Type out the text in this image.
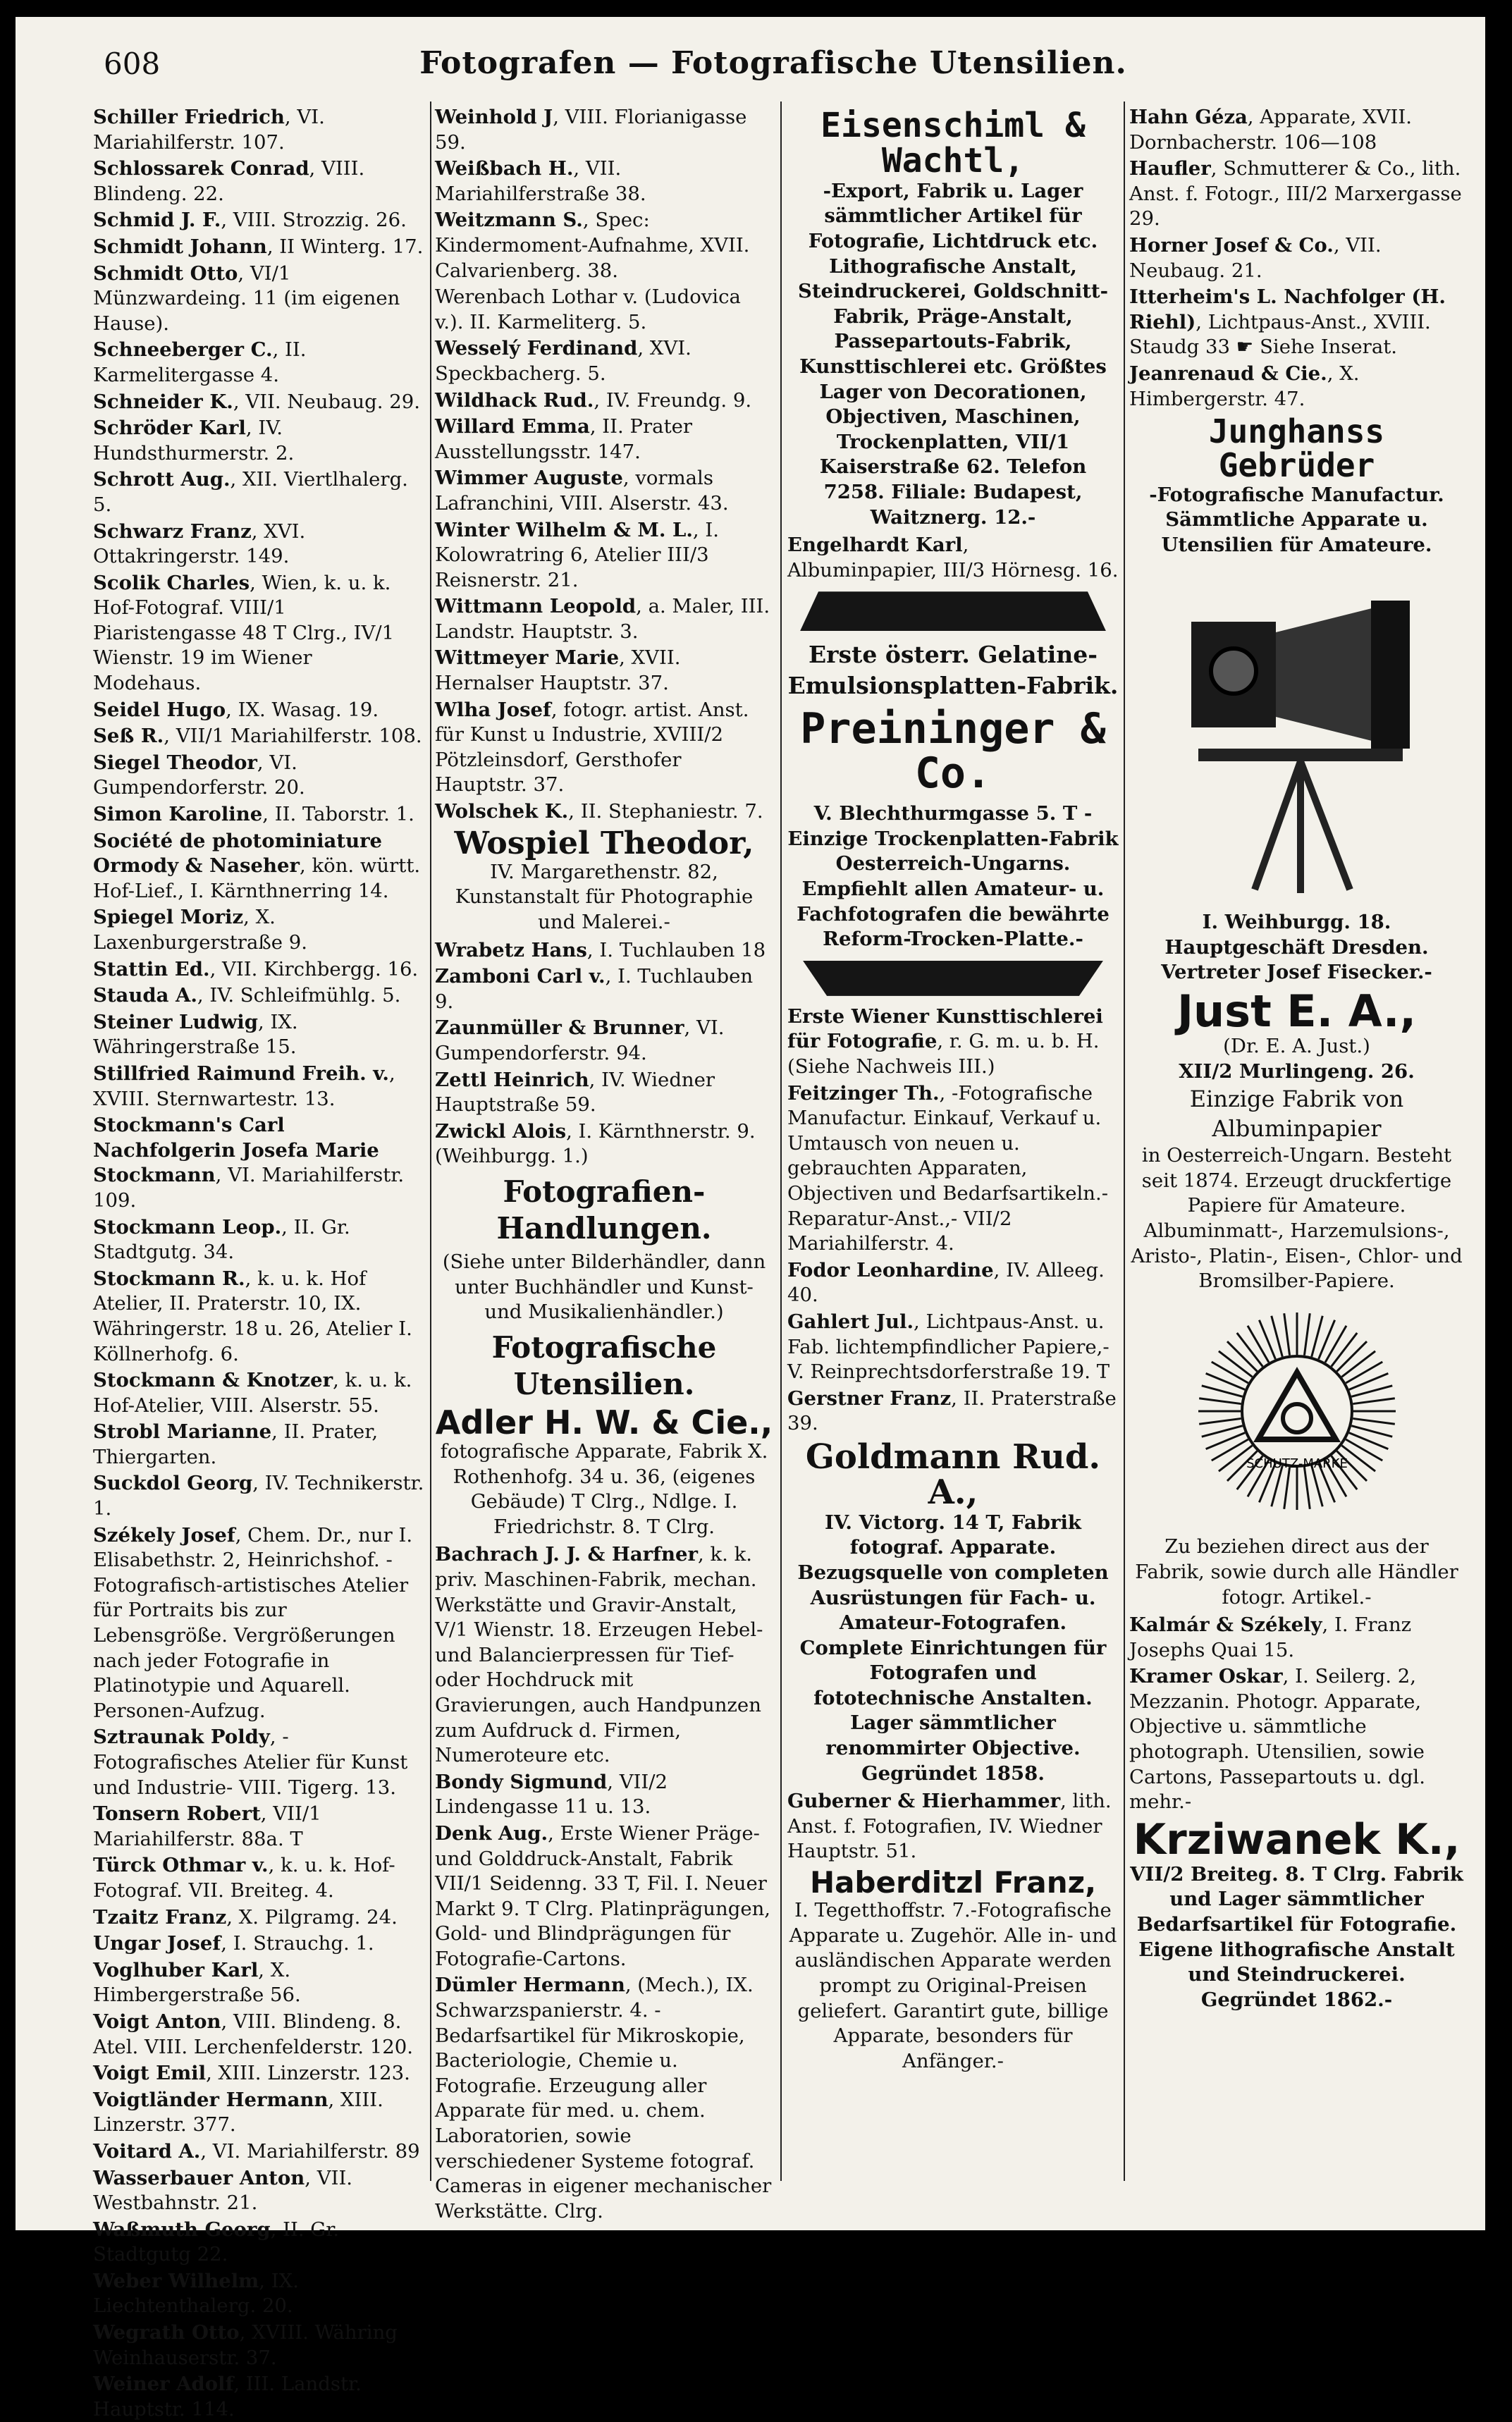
608	Fotografen — Fotografische Utensilien.
Schiller Friedrich, VI. Mariahilferstr. 107.
Schlossarek Conrad, VIII. Blindeng. 22.
Schmid J. F., VIII. Strozzig. 26.
Schmidt Johann, II Winterg. 17.
Schmidt Otto, VI/1 Münzwardeing. 11 (im eigenen Hause).
Schneeberger C., II. Karmelitergasse 4.
Schneider K., VII. Neubaug. 29.
Schröder Karl, IV. Hundsthurmerstr. 2.
Schrott Aug., XII. Viertlhalerg. 5.
Schwarz Franz, XVI. Ottakringerstr. 149.
Scolik Charles, Wien, k. u. k. Hof-Fotograf. VIII/1 Piaristengasse 48 T Clrg., IV/1 Wienstr. 19 im Wiener Modehaus.
Seidel Hugo, IX. Wasag. 19.
Seß R., VII/1 Mariahilferstr. 108.
Siegel Theodor, VI. Gumpendorferstr. 20.
Simon Karoline, II. Taborstr. 1.
Société de photominiature Ormody & Naseher, kön. württ. Hof-Lief., I. Kärnthnerring 14.
Spiegel Moriz, X. Laxenburgerstraße 9.
Stattin Ed., VII. Kirchbergg. 16.
Stauda A., IV. Schleifmühlg. 5.
Steiner Ludwig, IX. Währingerstraße 15.
Stillfried Raimund Freih. v., XVIII. Sternwartestr. 13.
Stockmann's Carl Nachfolgerin Josefa Marie Stockmann, VI. Mariahilferstr. 109.
Stockmann Leop., II. Gr. Stadtgutg. 34.
Stockmann R., k. u. k. Hof Atelier, II. Praterstr. 10, IX. Währingerstr. 18 u. 26, Atelier I. Köllnerhofg. 6.
Stockmann & Knotzer, k. u. k. Hof-Atelier, VIII. Alserstr. 55.
Strobl Marianne, II. Prater, Thiergarten.
Suckdol Georg, IV. Technikerstr. 1.
Székely Josef, Chem. Dr., nur I. Elisabethstr. 2, Heinrichshof. -Fotografisch-artistisches Atelier für Portraits bis zur Lebensgröße. Vergrößerungen nach jeder Fotografie in Platinotypie und Aquarell. Personen-Aufzug.
Sztraunak Poldy, -Fotografisches Atelier für Kunst und Industrie- VIII. Tigerg. 13.
Tonsern Robert, VII/1 Mariahilferstr. 88a. T
Türck Othmar v., k. u. k. Hof-Fotograf. VII. Breiteg. 4.
Tzaitz Franz, X. Pilgramg. 24.
Ungar Josef, I. Strauchg. 1.
Voglhuber Karl, X. Himbergerstraße 56.
Voigt Anton, VIII. Blindeng. 8. Atel. VIII. Lerchenfelderstr. 120.
Voigt Emil, XIII. Linzerstr. 123.
Voigtländer Hermann, XIII. Linzerstr. 377.
Voitard A., VI. Mariahilferstr. 89
Wasserbauer Anton, VII. Westbahnstr. 21.
Waßmuth Georg, II. Gr. Stadtgutg 22.
Weber Wilhelm, IX. Liechtenthalerg. 20.
Wegrath Otto, XVIII. Währing Weinhauserstr. 37.
Weiner Adolf, III. Landstr. Hauptstr. 114.
Weinhold J, VIII. Florianigasse 59.
Weißbach H., VII. Mariahilferstraße 38.
Weitzmann S., Spec: Kindermoment-Aufnahme, XVII. Calvarienberg. 38.
Werenbach Lothar v. (Ludovica v.). II. Karmeliterg. 5.
Wesselý Ferdinand, XVI. Speckbacherg. 5.
Wildhack Rud., IV. Freundg. 9.
Willard Emma, II. Prater Ausstellungsstr. 147.
Wimmer Auguste, vormals Lafranchini, VIII. Alserstr. 43.
Winter Wilhelm & M. L., I. Kolowratring 6, Atelier III/3 Reisnerstr. 21.
Wittmann Leopold, a. Maler, III. Landstr. Hauptstr. 3.
Wittmeyer Marie, XVII. Hernalser Hauptstr. 37.
Wlha Josef, fotogr. artist. Anst. für Kunst u Industrie, XVIII/2 Pötzleinsdorf, Gersthofer Hauptstr. 37.
Wolschek K., II. Stephaniestr. 7.
Wospiel Theodor,
IV. Margarethenstr. 82, Kunstanstalt für Photographie und Malerei.-
Wrabetz Hans, I. Tuchlauben 18
Zamboni Carl v., I. Tuchlauben 9.
Zaunmüller & Brunner, VI. Gumpendorferstr. 94.
Zettl Heinrich, IV. Wiedner Hauptstraße 59.
Zwickl Alois, I. Kärnthnerstr. 9. (Weihburgg. 1.)
Fotografien-Handlungen.
(Siehe unter Bilderhändler, dann unter Buchhändler und Kunst- und Musikalienhändler.)
Fotografische Utensilien.
Adler H. W. & Cie.,
fotografische Apparate, Fabrik X. Rothenhofg. 34 u. 36, (eigenes Gebäude) T Clrg., Ndlge. I. Friedrichstr. 8. T Clrg.
Bachrach J. J. & Harfner, k. k. priv. Maschinen-Fabrik, mechan. Werkstätte und Gravir-Anstalt, V/1 Wienstr. 18. Erzeugen Hebel- und Balancierpressen für Tief- oder Hochdruck mit Gravierungen, auch Handpunzen zum Aufdruck d. Firmen, Numeroteure etc.
Bondy Sigmund, VII/2 Lindengasse 11 u. 13.
Denk Aug., Erste Wiener Präge- und Golddruck-Anstalt, Fabrik VII/1 Seidenng. 33 T, Fil. I. Neuer Markt 9. T Clrg. Platinprägungen, Gold- und Blindprägungen für Fotografie-Cartons.
Dümler Hermann, (Mech.), IX. Schwarzspanierstr. 4. -Bedarfsartikel für Mikroskopie, Bacteriologie, Chemie u. Fotografie. Erzeugung aller Apparate für med. u. chem. Laboratorien, sowie verschiedener Systeme fotograf. Cameras in eigener mechanischer Werkstätte. Clrg.
Eisenschiml & Wachtl,
-Export, Fabrik u. Lager sämmtlicher Artikel für Fotografie, Lichtdruck etc. Lithografische Anstalt, Steindruckerei, Goldschnitt-Fabrik, Präge-Anstalt, Passepartouts-Fabrik, Kunsttischlerei etc. Größtes Lager von Decorationen, Objectiven, Maschinen, Trockenplatten, VII/1 Kaiserstraße 62. Telefon 7258. Filiale: Budapest, Waitznerg. 12.-
Engelhardt Karl, Albuminpapier, III/3 Hörnesg. 16.
Erste österr. Gelatine-Emulsionsplatten-Fabrik.
Preininger & Co.
V. Blechthurmgasse 5. T -Einzige Trockenplatten-Fabrik Oesterreich-Ungarns. Empfiehlt allen Amateur- u. Fachfotografen die bewährte Reform-Trocken-Platte.-
Erste Wiener Kunsttischlerei für Fotografie, r. G. m. u. b. H. (Siehe Nachweis III.)
Feitzinger Th., -Fotografische Manufactur. Einkauf, Verkauf u. Umtausch von neuen u. gebrauchten Apparaten, Objectiven und Bedarfsartikeln.- Reparatur-Anst.,- VII/2 Mariahilferstr. 4.
Fodor Leonhardine, IV. Alleeg. 40.
Gahlert Jul., Lichtpaus-Anst. u. Fab. lichtempfindlicher Papiere,- V. Reinprechtsdorferstraße 19. T
Gerstner Franz, II. Praterstraße 39.
Goldmann Rud. A.,
IV. Victorg. 14 T, Fabrik fotograf. Apparate. Bezugsquelle von completen Ausrüstungen für Fach- u. Amateur-Fotografen. Complete Einrichtungen für Fotografen und fototechnische Anstalten. Lager sämmtlicher renommirter Objective. Gegründet 1858.
Guberner & Hierhammer, lith. Anst. f. Fotografien, IV. Wiedner Hauptstr. 51.
Haberditzl Franz,
I. Tegetthoffstr. 7.-Fotografische Apparate u. Zugehör. Alle in- und ausländischen Apparate werden prompt zu Original-Preisen geliefert. Garantirt gute, billige Apparate, besonders für Anfänger.-
Hahn Géza, Apparate, XVII. Dornbacherstr. 106—108
Haufler, Schmutterer & Co., lith. Anst. f. Fotogr., III/2 Marxergasse 29.
Horner Josef & Co., VII. Neubaug. 21.
Itterheim's L. Nachfolger (H. Riehl), Lichtpaus-Anst., XVIII. Staudg 33 ☛ Siehe Inserat.
Jeanrenaud & Cie., X. Himbergerstr. 47.
Junghanss Gebrüder
-Fotografische Manufactur. Sämmtliche Apparate u. Utensilien für Amateure.
I. Weihburgg. 18. Hauptgeschäft Dresden. Vertreter Josef Fisecker.-
Just E. A.,
(Dr. E. A. Just.)
XII/2 Murlingeng. 26.
Einzige Fabrik von Albuminpapier
in Oesterreich-Ungarn. Besteht seit 1874. Erzeugt druckfertige Papiere für Amateure. Albuminmatt-, Harzemulsions-, Aristo-, Platin-, Eisen-, Chlor- und Bromsilber-Papiere.
SCHUTZ-MARKE
Zu beziehen direct aus der Fabrik, sowie durch alle Händler fotogr. Artikel.-
Kalmár & Székely, I. Franz Josephs Quai 15.
Kramer Oskar, I. Seilerg. 2, Mezzanin. Photogr. Apparate, Objective u. sämmtliche photograph. Utensilien, sowie Cartons, Passepartouts u. dgl. mehr.-
Krziwanek K.,
VII/2 Breiteg. 8. T Clrg. Fabrik und Lager sämmtlicher Bedarfsartikel für Fotografie. Eigene lithografische Anstalt und Steindruckerei. Gegründet 1862.-
